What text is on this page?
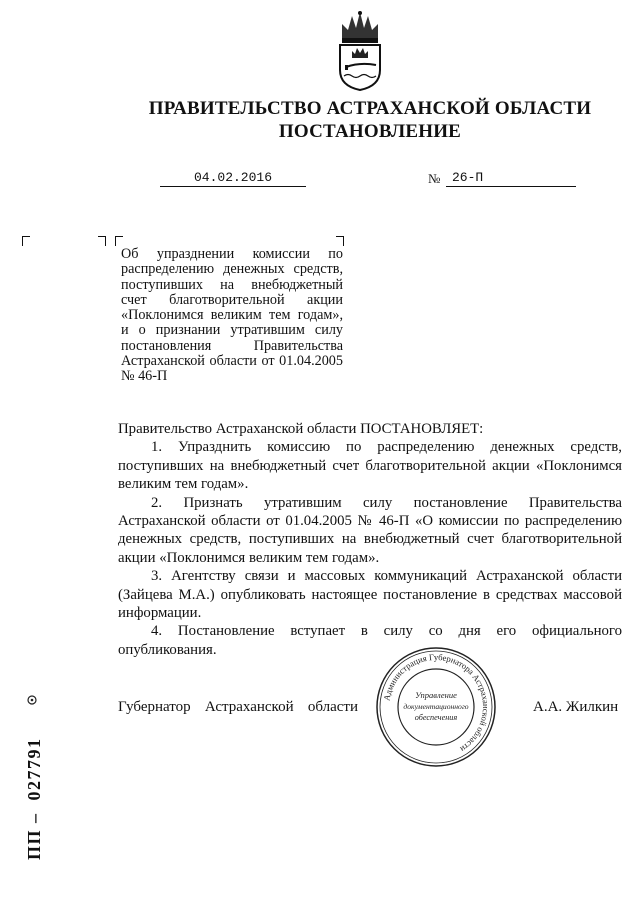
ПРАВИТЕЛЬСТВО АСТРАХАНСКОЙ ОБЛАСТИ
ПОСТАНОВЛЕНИЕ
04.02.2016	№ 26-П
Об упразднении комиссии по распределению денежных средств, поступивших на внебюджетный счет благотворительной акции «Поклонимся великим тем годам», и о признании утратившим силу постановления Правительства Астраханской области от 01.04.2005 № 46-П

Правительство Астраханской области ПОСТАНОВЛЯЕТ:

1. Упразднить комиссию по распределению денежных средств, поступивших на внебюджетный счет благотворительной акции «Поклонимся великим тем годам».

2. Признать утратившим силу постановление Правительства Астраханской области от 01.04.2005 № 46-П «О комиссии по распределению денежных средств, поступивших на внебюджетный счет благотворительной акции «Поклонимся великим тем годам».

3. Агентству связи и массовых коммуникаций Астраханской области (Зайцева М.А.) опубликовать настоящее постановление в средствах массовой информации.

4. Постановление вступает в силу со дня его официального опубликования.

Губернатор Астраханской области	А.А. Жилкин
Администрация Губернатора Астраханской области
Управление
документационного
обеспечения
ПП – 027791
